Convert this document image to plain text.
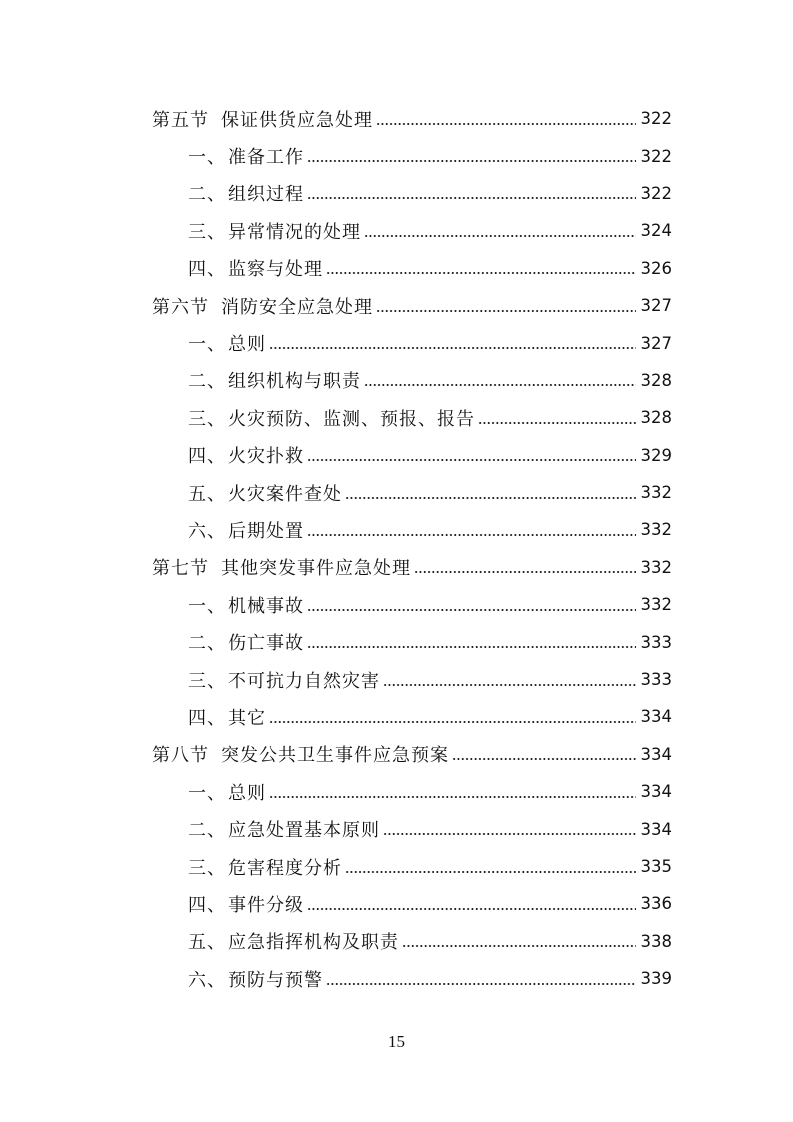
第五节 保证供货应急处理	322
一、 准备工作	322
二、 组织过程	322
三、 异常情况的处理	324
四、 监察与处理	326
第六节 消防安全应急处理	327
一、 总则	327
二、 组织机构与职责	328
三、 火灾预防、监测、预报、报告	328
四、 火灾扑救	329
五、 火灾案件查处	332
六、 后期处置	332
第七节 其他突发事件应急处理	332
一、 机械事故	332
二、 伤亡事故	333
三、 不可抗力自然灾害	333
四、 其它	334
第八节 突发公共卫生事件应急预案	334
一、 总则	334
二、 应急处置基本原则	334
三、 危害程度分析	335
四、 事件分级	336
五、 应急指挥机构及职责	338
六、 预防与预警	339
15
